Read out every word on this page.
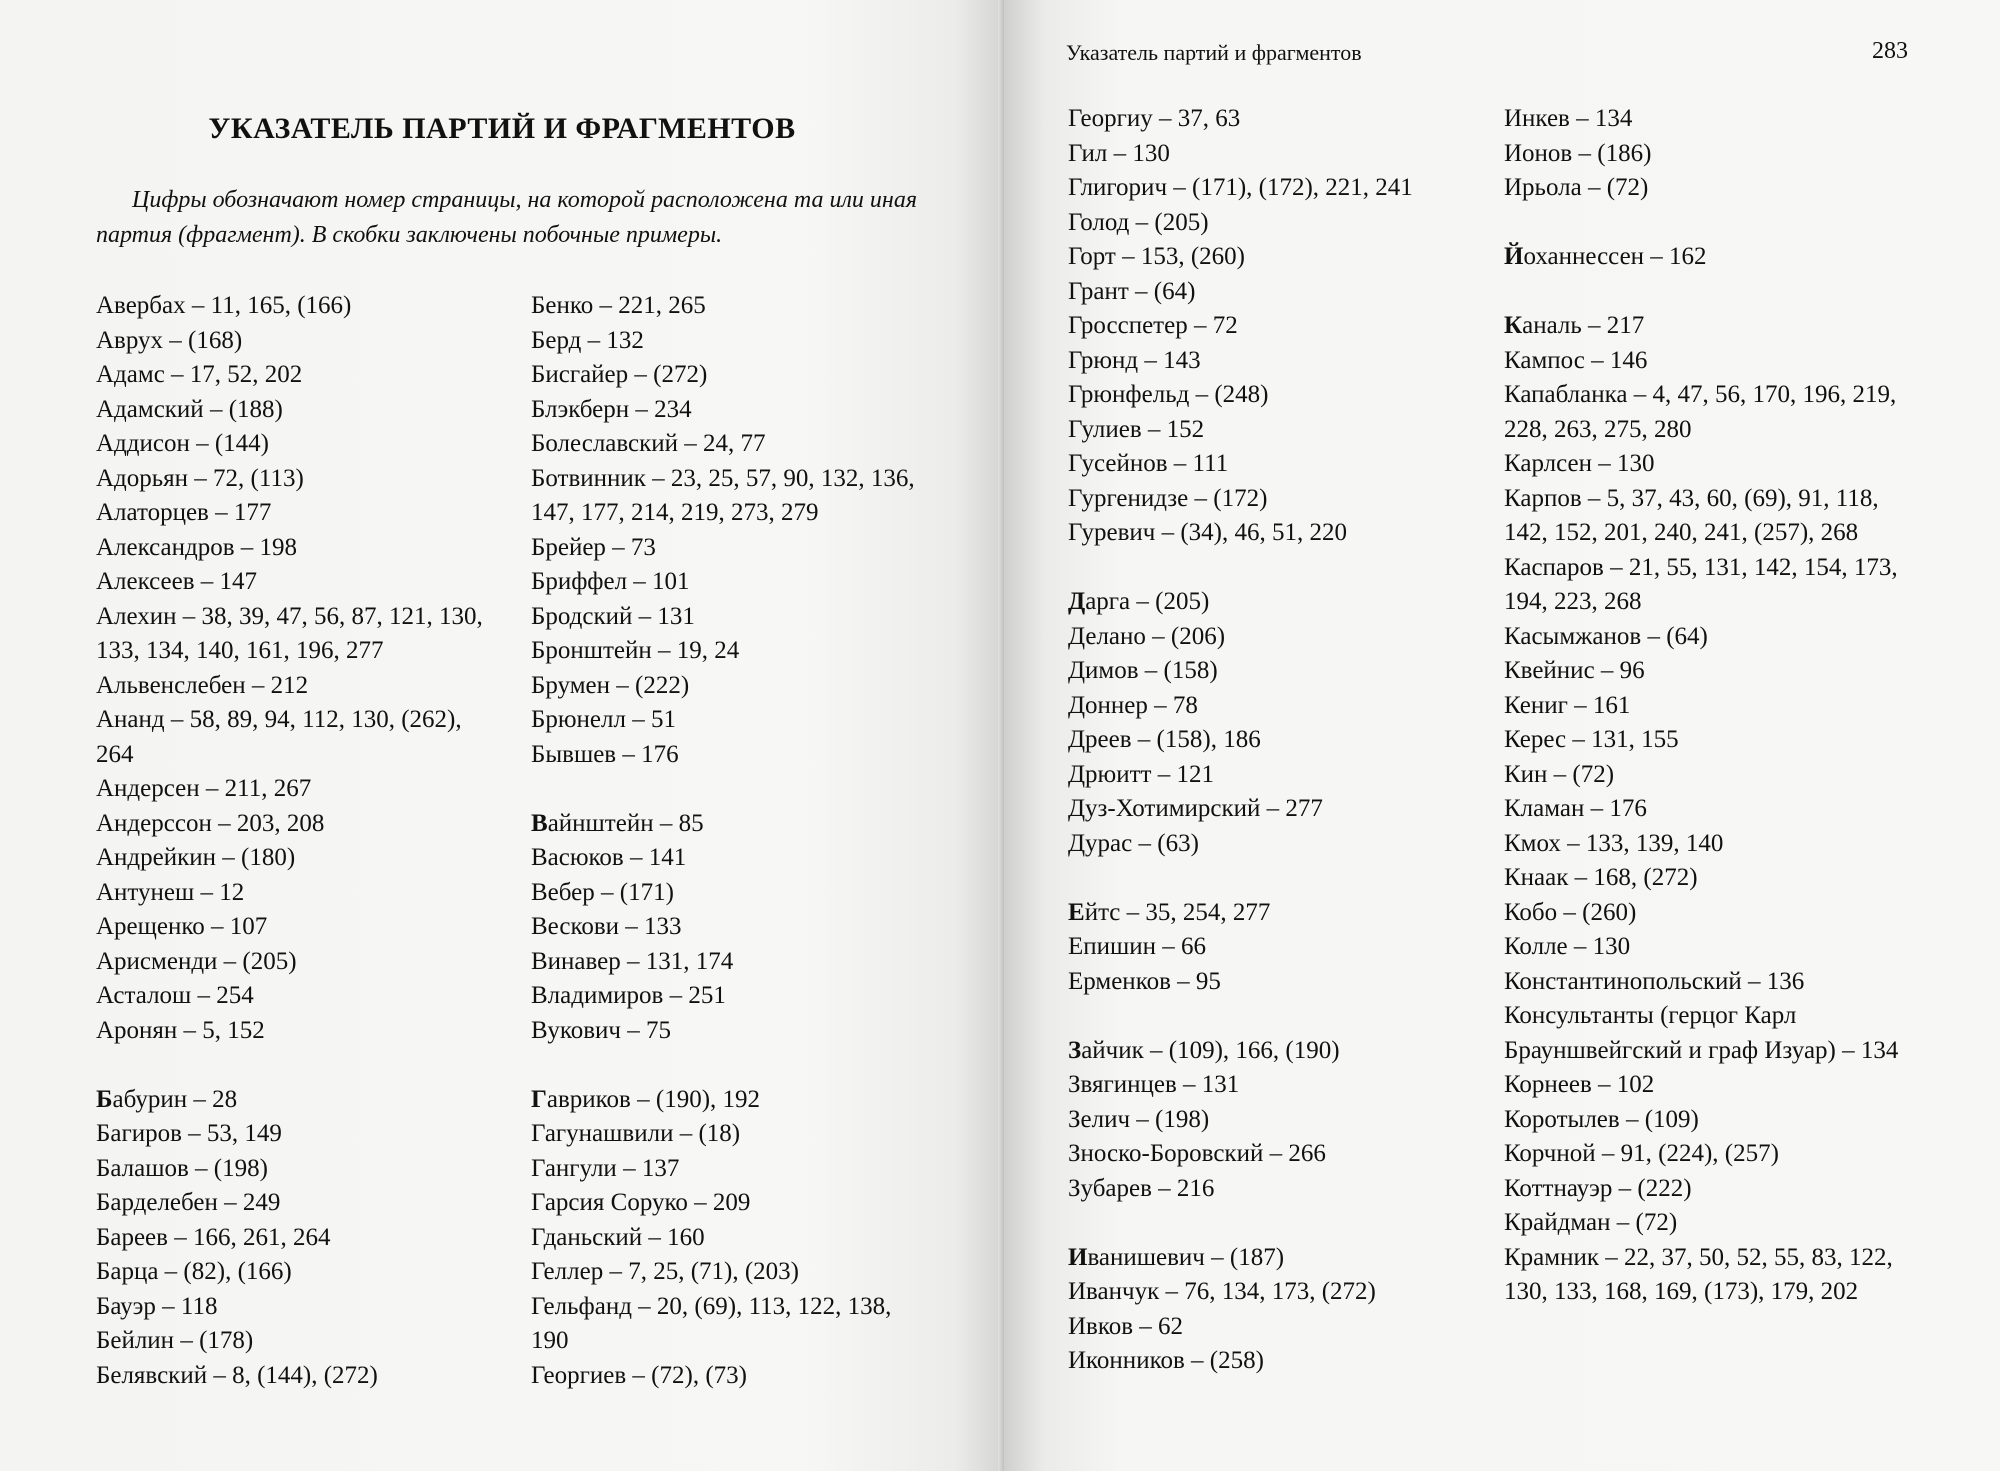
УКАЗАТЕЛЬ ПАРТИЙ И ФРАГМЕНТОВ
Цифры обозначают номер страницы, на которой расположена та или иная партия (фрагмент). В скобки заключены побочные примеры.
Авербах – 11, 165, (166)
Аврух – (168)
Адамс – 17, 52, 202
Адамский – (188)
Аддисон – (144)
Адорьян – 72, (113)
Алаторцев – 177
Александров – 198
Алексеев – 147
Алехин – 38, 39, 47, 56, 87, 121, 130, 133, 134, 140, 161, 196, 277
Альвенслебен – 212
Ананд – 58, 89, 94, 112, 130, (262), 264
Андерсен – 211, 267
Андерссон – 203, 208
Андрейкин – (180)
Антунеш – 12
Арещенко – 107
Арисменди – (205)
Асталош – 254
Аронян – 5, 152
Бабурин – 28
Багиров – 53, 149
Балашов – (198)
Барделебен – 249
Бареев – 166, 261, 264
Барца – (82), (166)
Бауэр – 118
Бейлин – (178)
Белявский – 8, (144), (272)
Бенко – 221, 265
Берд – 132
Бисгайер – (272)
Блэкберн – 234
Болеславский – 24, 77
Ботвинник – 23, 25, 57, 90, 132, 136, 147, 177, 214, 219, 273, 279
Брейер – 73
Бриффел – 101
Бродский – 131
Бронштейн – 19, 24
Брумен – (222)
Брюнелл – 51
Бывшев – 176
Вайнштейн – 85
Васюков – 141
Вебер – (171)
Вескови – 133
Винавер – 131, 174
Владимиров – 251
Вукович – 75
Гавриков – (190), 192
Гагунашвили – (18)
Гангули – 137
Гарсия Соруко – 209
Гданьский – 160
Геллер – 7, 25, (71), (203)
Гельфанд – 20, (69), 113, 122, 138, 190
Георгиев – (72), (73)
Указатель партий и фрагментов	283
Георгиу – 37, 63
Гил – 130
Глигорич – (171), (172), 221, 241
Голод – (205)
Горт – 153, (260)
Грант – (64)
Гросспетер – 72
Грюнд – 143
Грюнфельд – (248)
Гулиев – 152
Гусейнов – 111
Гургенидзе – (172)
Гуревич – (34), 46, 51, 220
Дарга – (205)
Делано – (206)
Димов – (158)
Доннер – 78
Дреев – (158), 186
Дрюитт – 121
Дуз-Хотимирский – 277
Дурас – (63)
Ейтс – 35, 254, 277
Епишин – 66
Ерменков – 95
Зайчик – (109), 166, (190)
Звягинцев – 131
Зелич – (198)
Зноско-Боровский – 266
Зубарев – 216
Иванишевич – (187)
Иванчук – 76, 134, 173, (272)
Ивков – 62
Иконников – (258)
Инкев – 134
Ионов – (186)
Ирьола – (72)
Йоханнессен – 162
Каналь – 217
Кампос – 146
Капабланка – 4, 47, 56, 170, 196, 219, 228, 263, 275, 280
Карлсен – 130
Карпов – 5, 37, 43, 60, (69), 91, 118, 142, 152, 201, 240, 241, (257), 268
Каспаров – 21, 55, 131, 142, 154, 173, 194, 223, 268
Касымжанов – (64)
Квейнис – 96
Кениг – 161
Керес – 131, 155
Кин – (72)
Кламан – 176
Кмох – 133, 139, 140
Кнаак – 168, (272)
Кобо – (260)
Колле – 130
Константинопольский – 136
Консультанты (герцог Карл Брауншвейгский и граф Изуар) – 134
Корнеев – 102
Коротылев – (109)
Корчной – 91, (224), (257)
Коттнауэр – (222)
Крайдман – (72)
Крамник – 22, 37, 50, 52, 55, 83, 122, 130, 133, 168, 169, (173), 179, 202
